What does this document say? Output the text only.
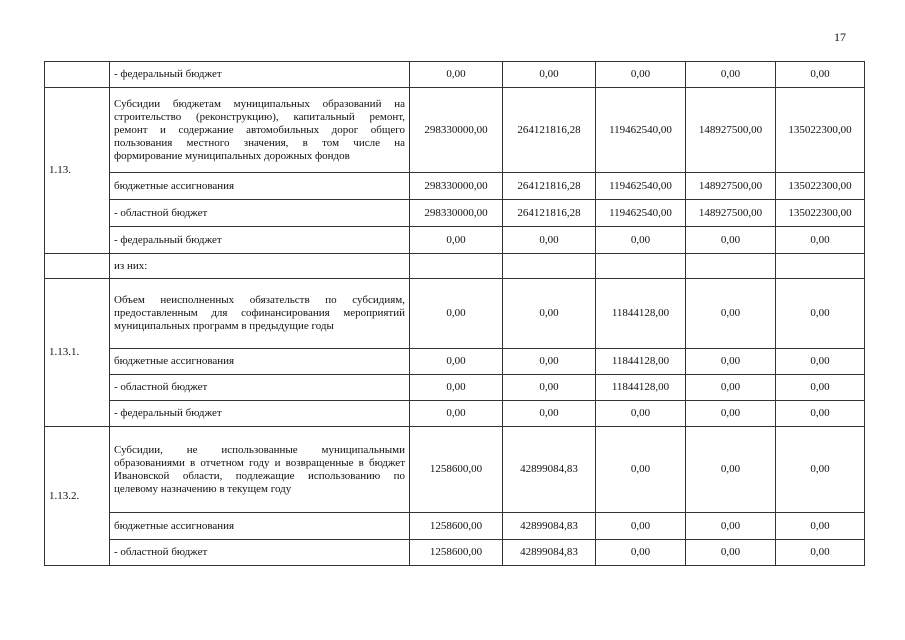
17
	- федеральный бюджет	0,00	0,00	0,00	0,00	0,00
1.13.	Субсидии бюджетам муниципальных образований на строительство (реконструкцию), капитальный ремонт, ремонт и содержание автомобильных дорог общего пользования местного значения, в том числе на формирование муниципальных дорожных фондов	298330000,00	264121816,28	119462540,00	148927500,00	135022300,00
	бюджетные ассигнования	298330000,00	264121816,28	119462540,00	148927500,00	135022300,00
	- областной бюджет	298330000,00	264121816,28	119462540,00	148927500,00	135022300,00
	- федеральный бюджет	0,00	0,00	0,00	0,00	0,00
	из них:					
1.13.1.	Объем неисполненных обязательств по субсидиям, предоставленным для софинансирования мероприятий муниципальных программ в предыдущие годы	0,00	0,00	11844128,00	0,00	0,00
	бюджетные ассигнования	0,00	0,00	11844128,00	0,00	0,00
	- областной бюджет	0,00	0,00	11844128,00	0,00	0,00
	- федеральный бюджет	0,00	0,00	0,00	0,00	0,00
1.13.2.	Субсидии, не использованные муниципальными образованиями в отчетном году и возвращенные в бюджет Ивановской области, подлежащие использованию по целевому назначению в текущем году	1258600,00	42899084,83	0,00	0,00	0,00
	бюджетные ассигнования	1258600,00	42899084,83	0,00	0,00	0,00
	- областной бюджет	1258600,00	42899084,83	0,00	0,00	0,00
